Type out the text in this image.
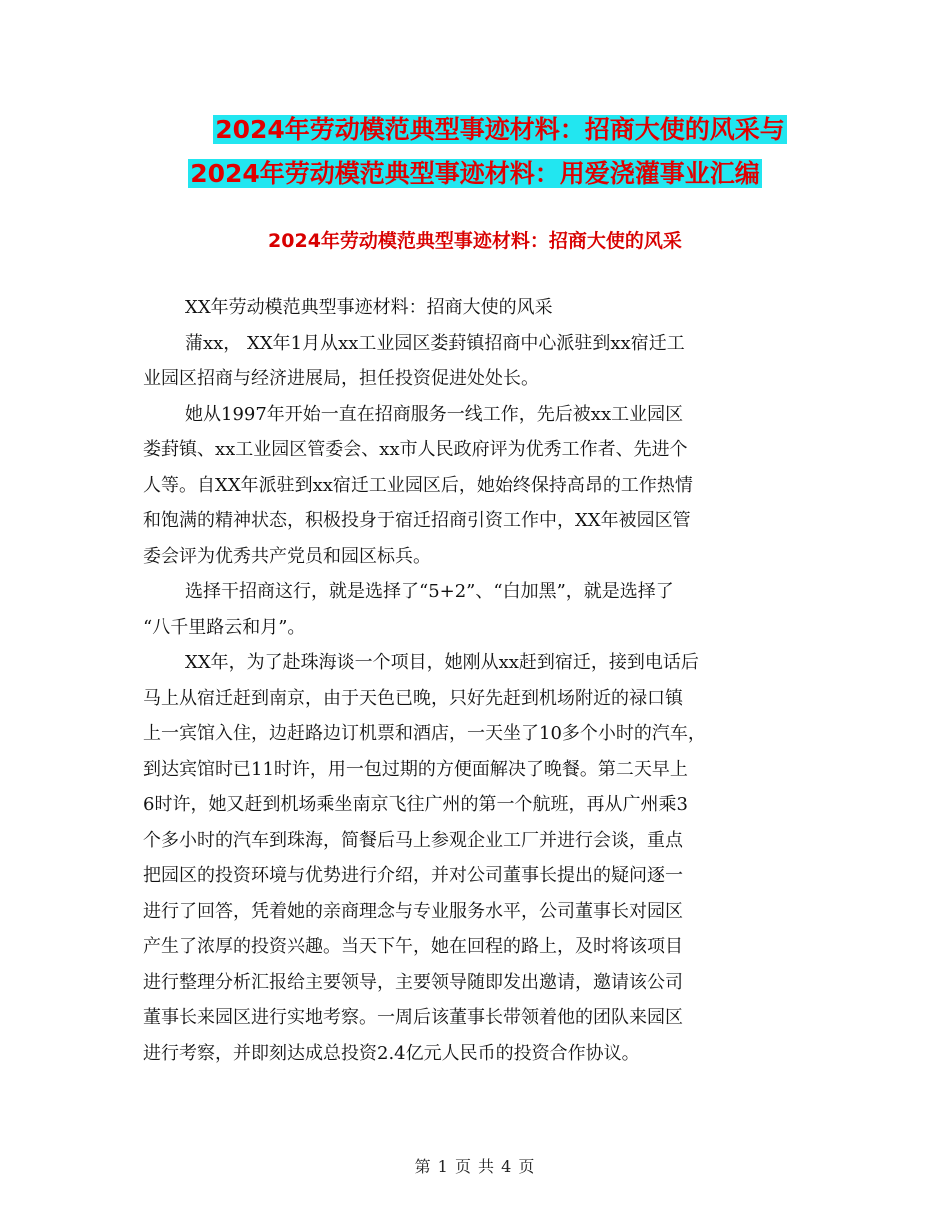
2024年劳动模范典型事迹材料：招商大使的风采与
2024年劳动模范典型事迹材料：用爱浇灌事业汇编
2024年劳动模范典型事迹材料：招商大使的风采
XX年劳动模范典型事迹材料：招商大使的风采
蒲xx， XX年1月从xx工业园区娄葑镇招商中心派驻到xx宿迁工
业园区招商与经济进展局，担任投资促进处处长。
她从1997年开始一直在招商服务一线工作，先后被xx工业园区
娄葑镇、xx工业园区管委会、xx市人民政府评为优秀工作者、先进个
人等。自XX年派驻到xx宿迁工业园区后，她始终保持高昂的工作热情
和饱满的精神状态，积极投身于宿迁招商引资工作中，XX年被园区管
委会评为优秀共产党员和园区标兵。
选择干招商这行，就是选择了“5+2”、“白加黑”，就是选择了
“八千里路云和月”。
XX年，为了赴珠海谈一个项目，她刚从xx赶到宿迁，接到电话后
马上从宿迁赶到南京，由于天色已晚，只好先赶到机场附近的禄口镇
上一宾馆入住，边赶路边订机票和酒店，一天坐了10多个小时的汽车，
到达宾馆时已11时许，用一包过期的方便面解决了晚餐。第二天早上
6时许，她又赶到机场乘坐南京飞往广州的第一个航班，再从广州乘3
个多小时的汽车到珠海，简餐后马上参观企业工厂并进行会谈，重点
把园区的投资环境与优势进行介绍，并对公司董事长提出的疑问逐一
进行了回答，凭着她的亲商理念与专业服务水平，公司董事长对园区
产生了浓厚的投资兴趣。当天下午，她在回程的路上，及时将该项目
进行整理分析汇报给主要领导，主要领导随即发出邀请，邀请该公司
董事长来园区进行实地考察。一周后该董事长带领着他的团队来园区
进行考察，并即刻达成总投资2.4亿元人民币的投资合作协议。
第 1 页 共 4 页
